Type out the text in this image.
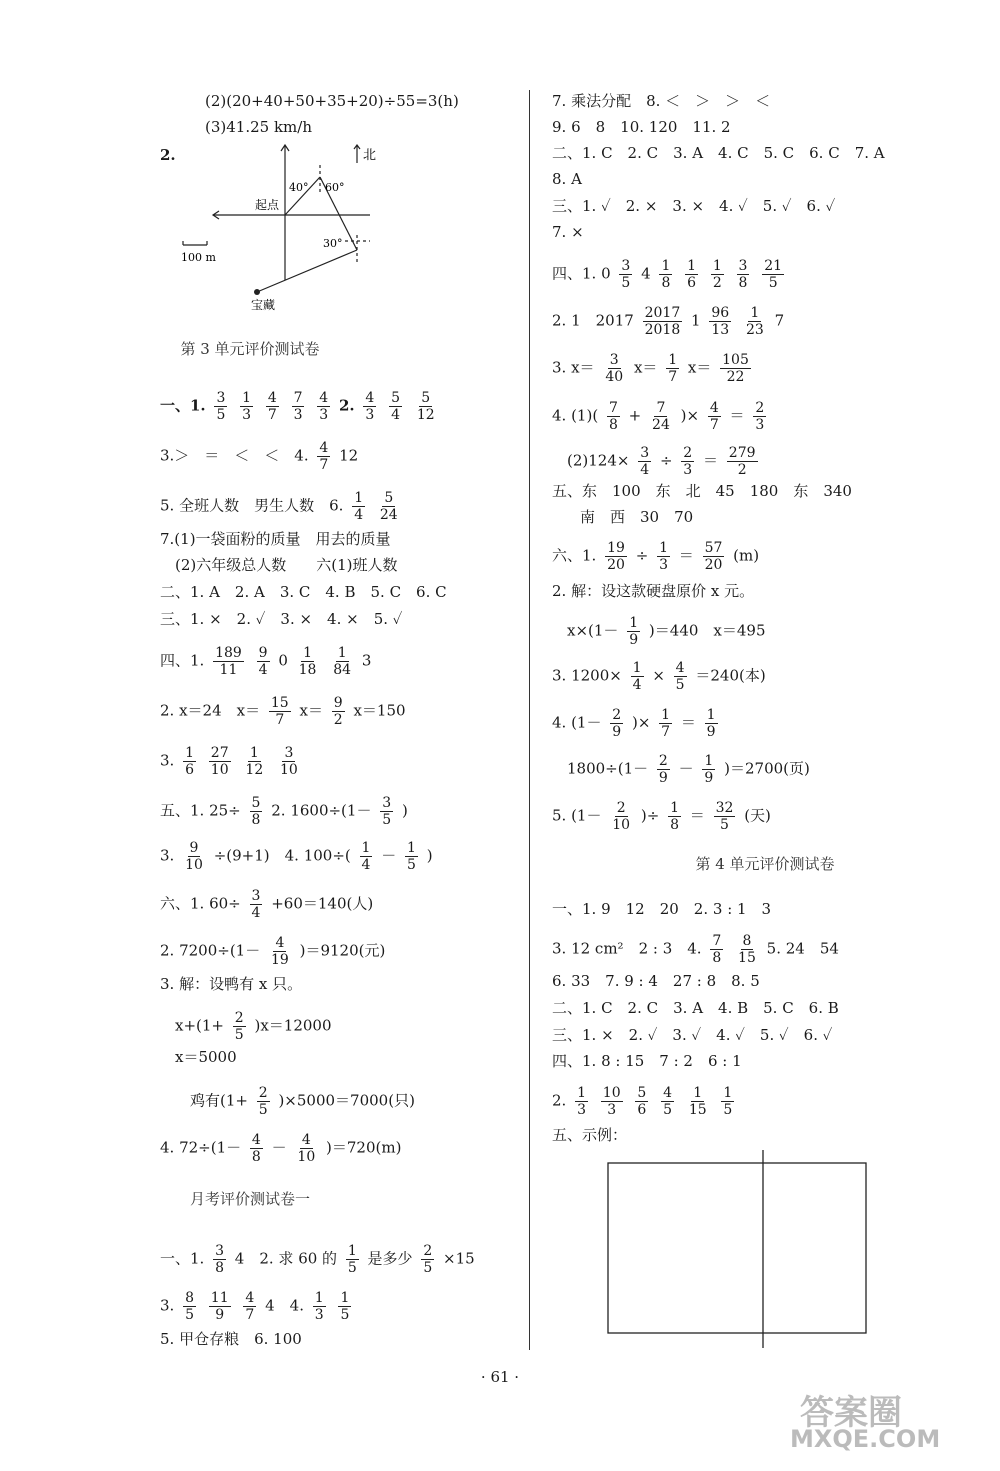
(2)(20+40+50+35+20)÷55=3(h)
(3)41.25 km/h
2.	北
起点
40° 60°
30°
100 m
宝藏
第 3 单元评价测试卷
一、1. $\frac{3}{5}$
$\frac{1}{3}$
$\frac{4}{7}$
$\frac{7}{3}$
$\frac{4}{3} 2$. $\frac{4}{3}$
$\frac{5}{4}$
$\frac{5}{12}$
3.＞　＝　＜　＜　4. $\frac{4}{7} 12$
5. 全班人数　男生人数　6. $\frac{1}{4}$
$\frac{5}{24}$
7.(1)一袋面粉的质量　用去的质量
(2)六年级总人数　　六(1)班人数
二、1. A　2. A　3. C　4. B　5. C　6. C
三、1. ×　2. ✓　3. ×　4. ×　5. ✓
四、1. $\frac{189}{11}$
$\frac{9}{4} 0 \frac{1}{18}$
$\frac{1}{84} 3$
2. x＝24　$x= \frac{15}{7} x= \frac{9}{2} x=150$
3. $\frac{1}{6}$
$\frac{27}{10}$
$\frac{1}{12}$
$\frac{3}{10}$
五、1. $25\div \frac{5}{8} 2$. $1600\div(1- \frac{3}{5}$ )
3. $\frac{9}{10} \div(9+1)$　4. $100\div( \frac{1}{4} - \frac{1}{5}$ )
六、1. $60\div \frac{3}{4} +60=140$(人)
2. $7200\div(1- \frac{4}{19} )=9120$(元)
3. 解：设鸭有 x 只。
$x+(1+ \frac{2}{5} )x=12000$
x＝5000
鸡有$(1+ \frac{2}{5} )\times 5000=7000$(只)
4. $72\div(1- \frac{4}{8} - \frac{4}{10} )=720(m)$
月考评价测试卷一
一、1. $\frac{3}{8} 4$　2. 求 60 的 $\frac{1}{5}$ 是多少 $\frac{2}{5} \times 15$
3. $\frac{8}{5}$
$\frac{11}{9}$
$\frac{4}{7} 4$　4. $\frac{1}{3}$
$\frac{1}{5}$
5. 甲仓存粮　6. 100
7. 乘法分配　8. ＜　＞　＞　＜
9. 6　8　10. 120　11. 2
二、1. C　2. C　3. A　4. C　5. C　6. C　7. A
8. A
三、1. ✓　2. ×　3. ×　4. ✓　5. ✓　6. ✓
7. ×
四、1. $0 \frac{3}{5} 4 \frac{1}{8}$
$\frac{1}{6}$
$\frac{1}{2}$
$\frac{3}{8}$
$\frac{21}{5}$
2. 1　$2017 \frac{2017}{2018} 1 \frac{96}{13}$
$\frac{1}{23} 7$
3. $x= \frac{3}{40} x= \frac{1}{7} x= \frac{105}{22}$
4. $(1)( \frac{7}{8} + \frac{7}{24}$ )× $\frac{4}{7} = \frac{2}{3}$
$(2)124\times \frac{3}{4} \div \frac{2}{3} = \frac{279}{2}$
五、东　100　东　北　45　180　东　340
南　西　30　70
六、1. $\frac{19}{20} \div \frac{1}{3} = \frac{57}{20} (m)$
2. 解：设这款硬盘原价 x 元。
$x\times(1- \frac{1}{9} )=440$　x＝495
3. $1200\times \frac{1}{4} \times \frac{4}{5} =240$(本)
4. ($1- \frac{2}{9}$ )× $\frac{1}{7} = \frac{1}{9}$
$1800\div(1- \frac{2}{9} - \frac{1}{9} )=2700$(页)
5. ($1- \frac{2}{10}$ )÷ $\frac{1}{8} = \frac{32}{5}$ (天)
第 4 单元评价测试卷
一、1. 9　12　20　2. 3 : 1　3
3. 12 cm²　2 : 3　4. $\frac{7}{8}$
$\frac{8}{15} 5$. 24　54
6. 33　7. 9 : 4　27 : 8　8. 5
二、1. C　2. C　3. A　4. B　5. C　6. B
三、1. ×　2. ✓　3. ✓　4. ✓　5. ✓　6. ✓
四、1. 8 : 15　7 : 2　6 : 1
2. $\frac{1}{3}$
$\frac{10}{3}$
$\frac{5}{6}$
$\frac{4}{5}$
$\frac{1}{15}$
$\frac{1}{5}$
五、示例：
· 61 ·
答案圈
MXQE.COM
